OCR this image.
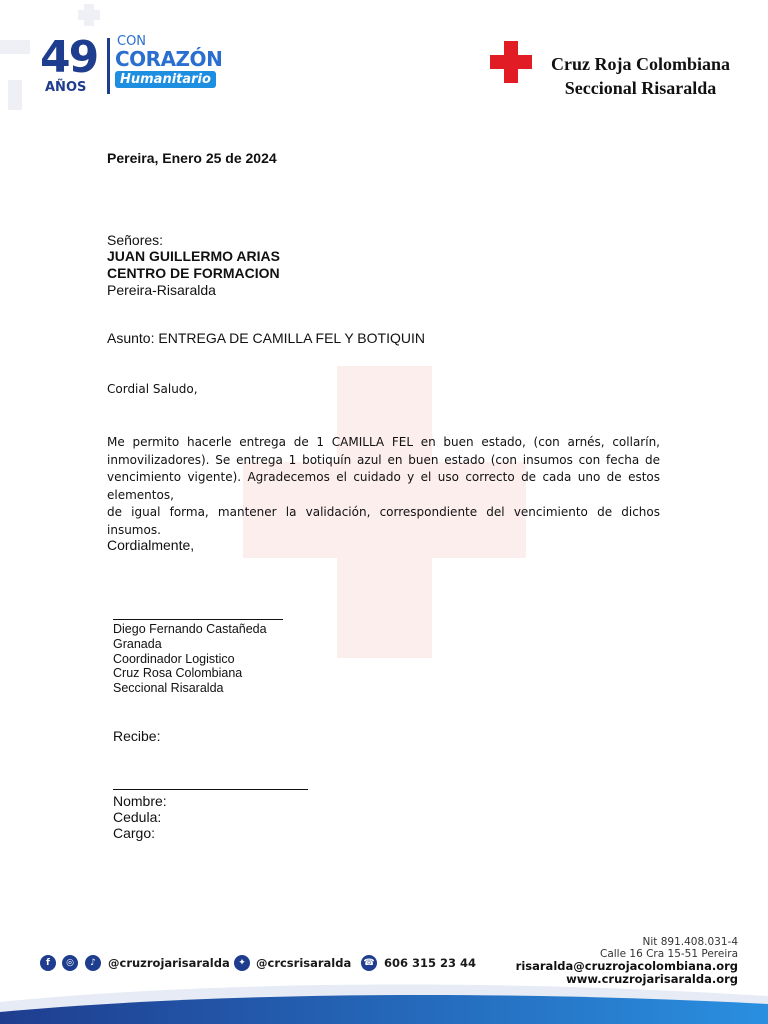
49
AÑOS
CON
CORAZÓN
Humanitario
Cruz Roja Colombiana
Seccional Risaralda
Pereira, Enero 25 de 2024
Señores:
JUAN GUILLERMO ARIAS
CENTRO DE FORMACION
Pereira-Risaralda
Asunto: ENTREGA DE CAMILLA FEL Y BOTIQUIN
Cordial Saludo,
Me permito hacerle entrega de 1 CAMILLA FEL en buen estado, (con arnés, collarín,
inmovilizadores). Se entrega 1 botiquín azul en buen estado (con insumos con fecha de
vencimiento vigente). Agradecemos el cuidado y el uso correcto de cada uno de estos elementos,
de igual forma, mantener la validación, correspondiente del vencimiento de dichos insumos.
Cordialmente,
Diego Fernando Castañeda
Granada
Coordinador Logistico
Cruz Rosa Colombiana
Seccional Risaralda
Recibe:
Nombre:
Cedula:
Cargo:
f	◎	♪	@cruzrojarisaralda ✦ @crcsrisaralda ☎ 606 315 23 44
Nit 891.408.031-4
Calle 16 Cra 15-51 Pereira
risaralda@cruzrojacolombiana.org
www.cruzrojarisaralda.org
